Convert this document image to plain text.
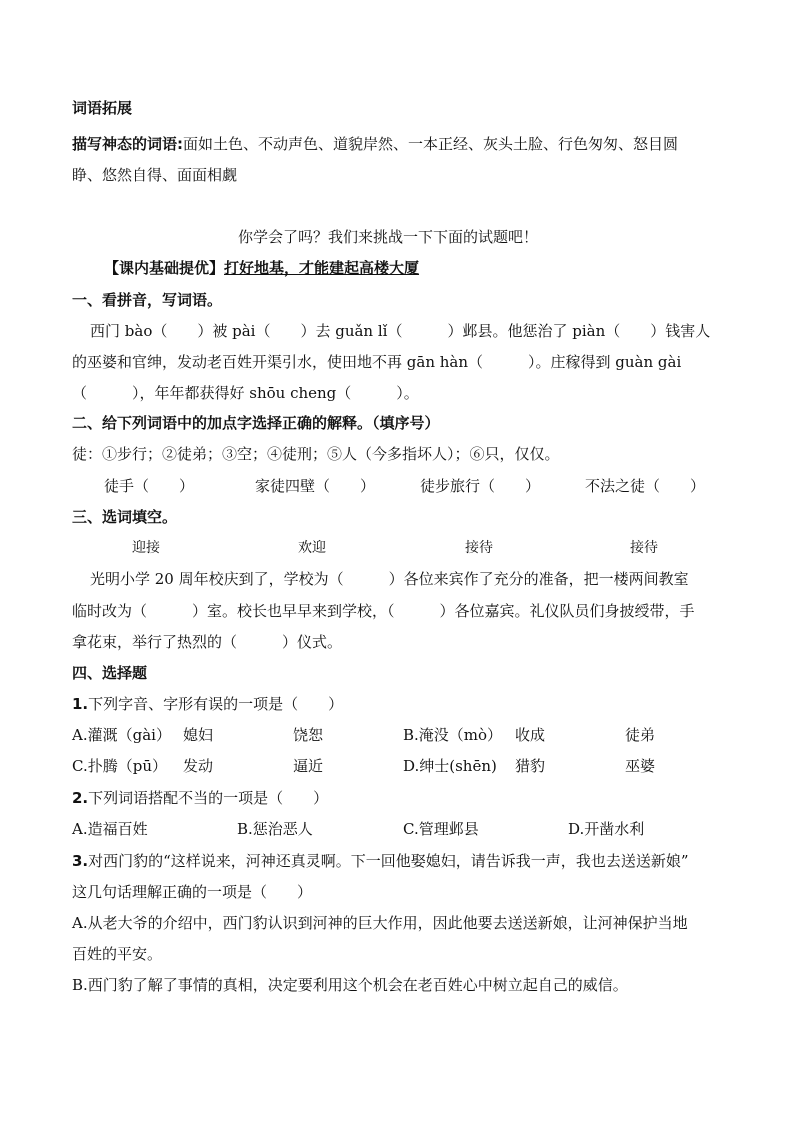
词语拓展
描写神态的词语:面如土色、不动声色、道貌岸然、一本正经、灰头土脸、行色匆匆、怒目圆
睁、悠然自得、面面相觑
你学会了吗？我们来挑战一下下面的试题吧！
【课内基础提优】打好地基，才能建起高楼大厦
一、看拼音，写词语。
西门 bào（　　）被 pài（　　）去 guǎn lǐ（　　　）邺县。他惩治了 piàn（　　）钱害人
的巫婆和官绅，发动老百姓开渠引水，使田地不再 gān hàn（　　　）。庄稼得到 guàn gài
（　　　），年年都获得好 shōu cheng（　　　）。
二、给下列词语中的加点字选择正确的解释。（填序号）
徒：①步行；②徒弟；③空；④徒刑；⑤人（今多指坏人）；⑥只，仅仅。
徒手（　　）	家徒四壁（　　）	徒步旅行（　　）	不法之徒（　　）
三、选词填空。
迎接	欢迎	接待	接待
光明小学 20 周年校庆到了，学校为（　　　）各位来宾作了充分的准备，把一楼两间教室
临时改为（　　　）室。校长也早早来到学校，（　　　）各位嘉宾。礼仪队员们身披绶带，手
拿花束，举行了热烈的（　　　）仪式。
四、选择题
1.下列字音、字形有误的一项是（　　）
A.灌溉（gài） 媳妇	饶恕	B.淹没（mò） 收成	徒弟
C.扑腾（pū） 发动	逼近	D.绅士(shēn) 猎豹	巫婆
2.下列词语搭配不当的一项是（　　）
A.造福百姓	B.惩治恶人	C.管理邺县	D.开凿水利
3.对西门豹的“这样说来，河神还真灵啊。下一回他娶媳妇，请告诉我一声，我也去送送新娘”
这几句话理解正确的一项是（　　）
A.从老大爷的介绍中，西门豹认识到河神的巨大作用，因此他要去送送新娘，让河神保护当地
百姓的平安。
B.西门豹了解了事情的真相，决定要利用这个机会在老百姓心中树立起自己的威信。
